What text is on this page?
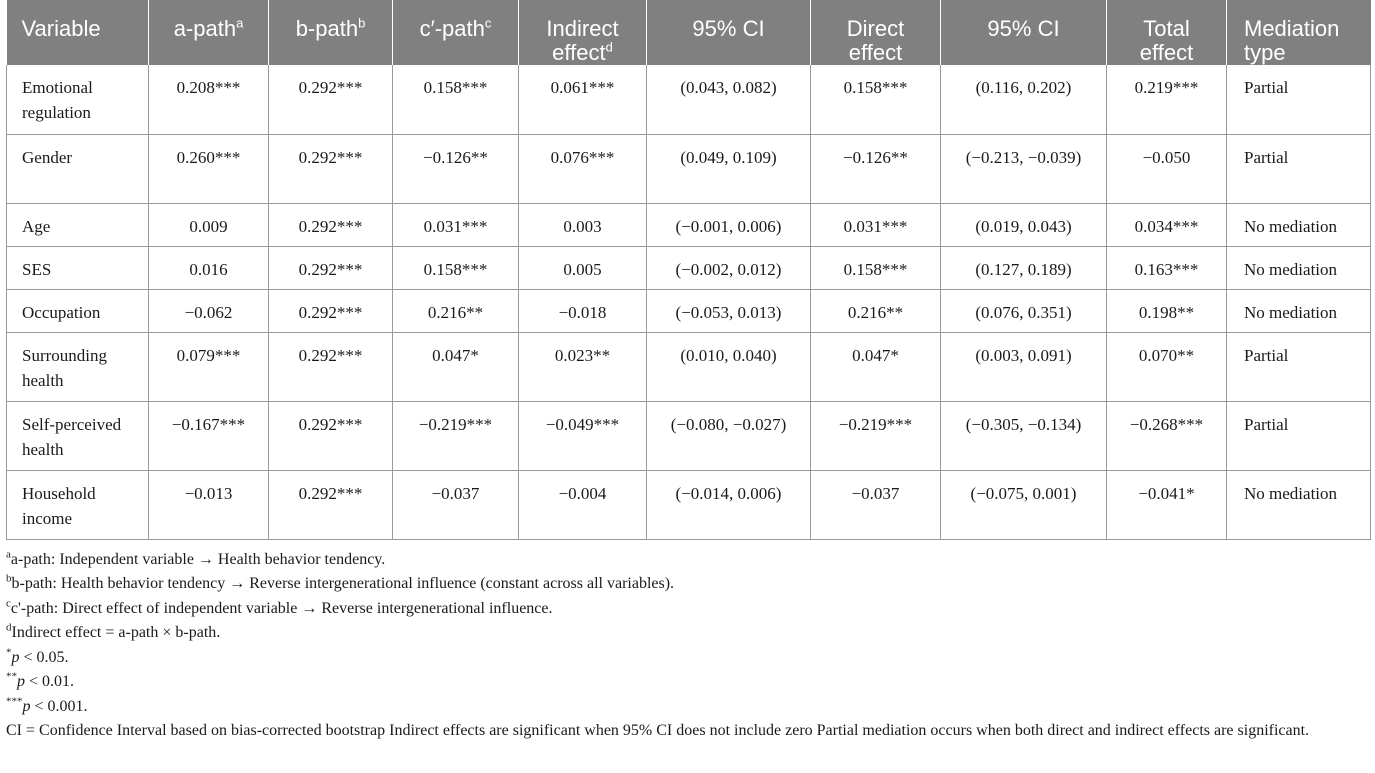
Variable	a-path$^a$	b-path$^b$	c′-path$^c$	Indirect effect$^d$	95% CI	Direct effect	95% CI	Total effect	Mediation type
Emotional regulation	0.208***	0.292***	0.158***	0.061***	(0.043, 0.082)	0.158***	(0.116, 0.202)	0.219***	Partial
Gender	0.260***	0.292***	−0.126**	0.076***	(0.049, 0.109)	−0.126**	(−0.213, −0.039)	−0.050	Partial
Age	0.009	0.292***	0.031***	0.003	(−0.001, 0.006)	0.031***	(0.019, 0.043)	0.034***	No mediation
SES	0.016	0.292***	0.158***	0.005	(−0.002, 0.012)	0.158***	(0.127, 0.189)	0.163***	No mediation
Occupation	−0.062	0.292***	0.216**	−0.018	(−0.053, 0.013)	0.216**	(0.076, 0.351)	0.198**	No mediation
Surrounding health	0.079***	0.292***	0.047*	0.023**	(0.010, 0.040)	0.047*	(0.003, 0.091)	0.070**	Partial
Self-perceived health	−0.167***	0.292***	−0.219***	−0.049***	(−0.080, −0.027)	−0.219***	(−0.305, −0.134)	−0.268***	Partial
Household income	−0.013	0.292***	−0.037	−0.004	(−0.014, 0.006)	−0.037	(−0.075, 0.001)	−0.041*	No mediation
$^a$a-path: Independent variable → Health behavior tendency.
$^b$b-path: Health behavior tendency → Reverse intergenerational influence (constant across all variables).
$^c$c'-path: Direct effect of independent variable → Reverse intergenerational influence.
$^d$Indirect effect = a-path × b-path.
*p < 0.05.
**p < 0.01.
***p < 0.001.
CI = Confidence Interval based on bias-corrected bootstrap Indirect effects are significant when 95% CI does not include zero Partial mediation occurs when both direct and indirect effects are significant.
